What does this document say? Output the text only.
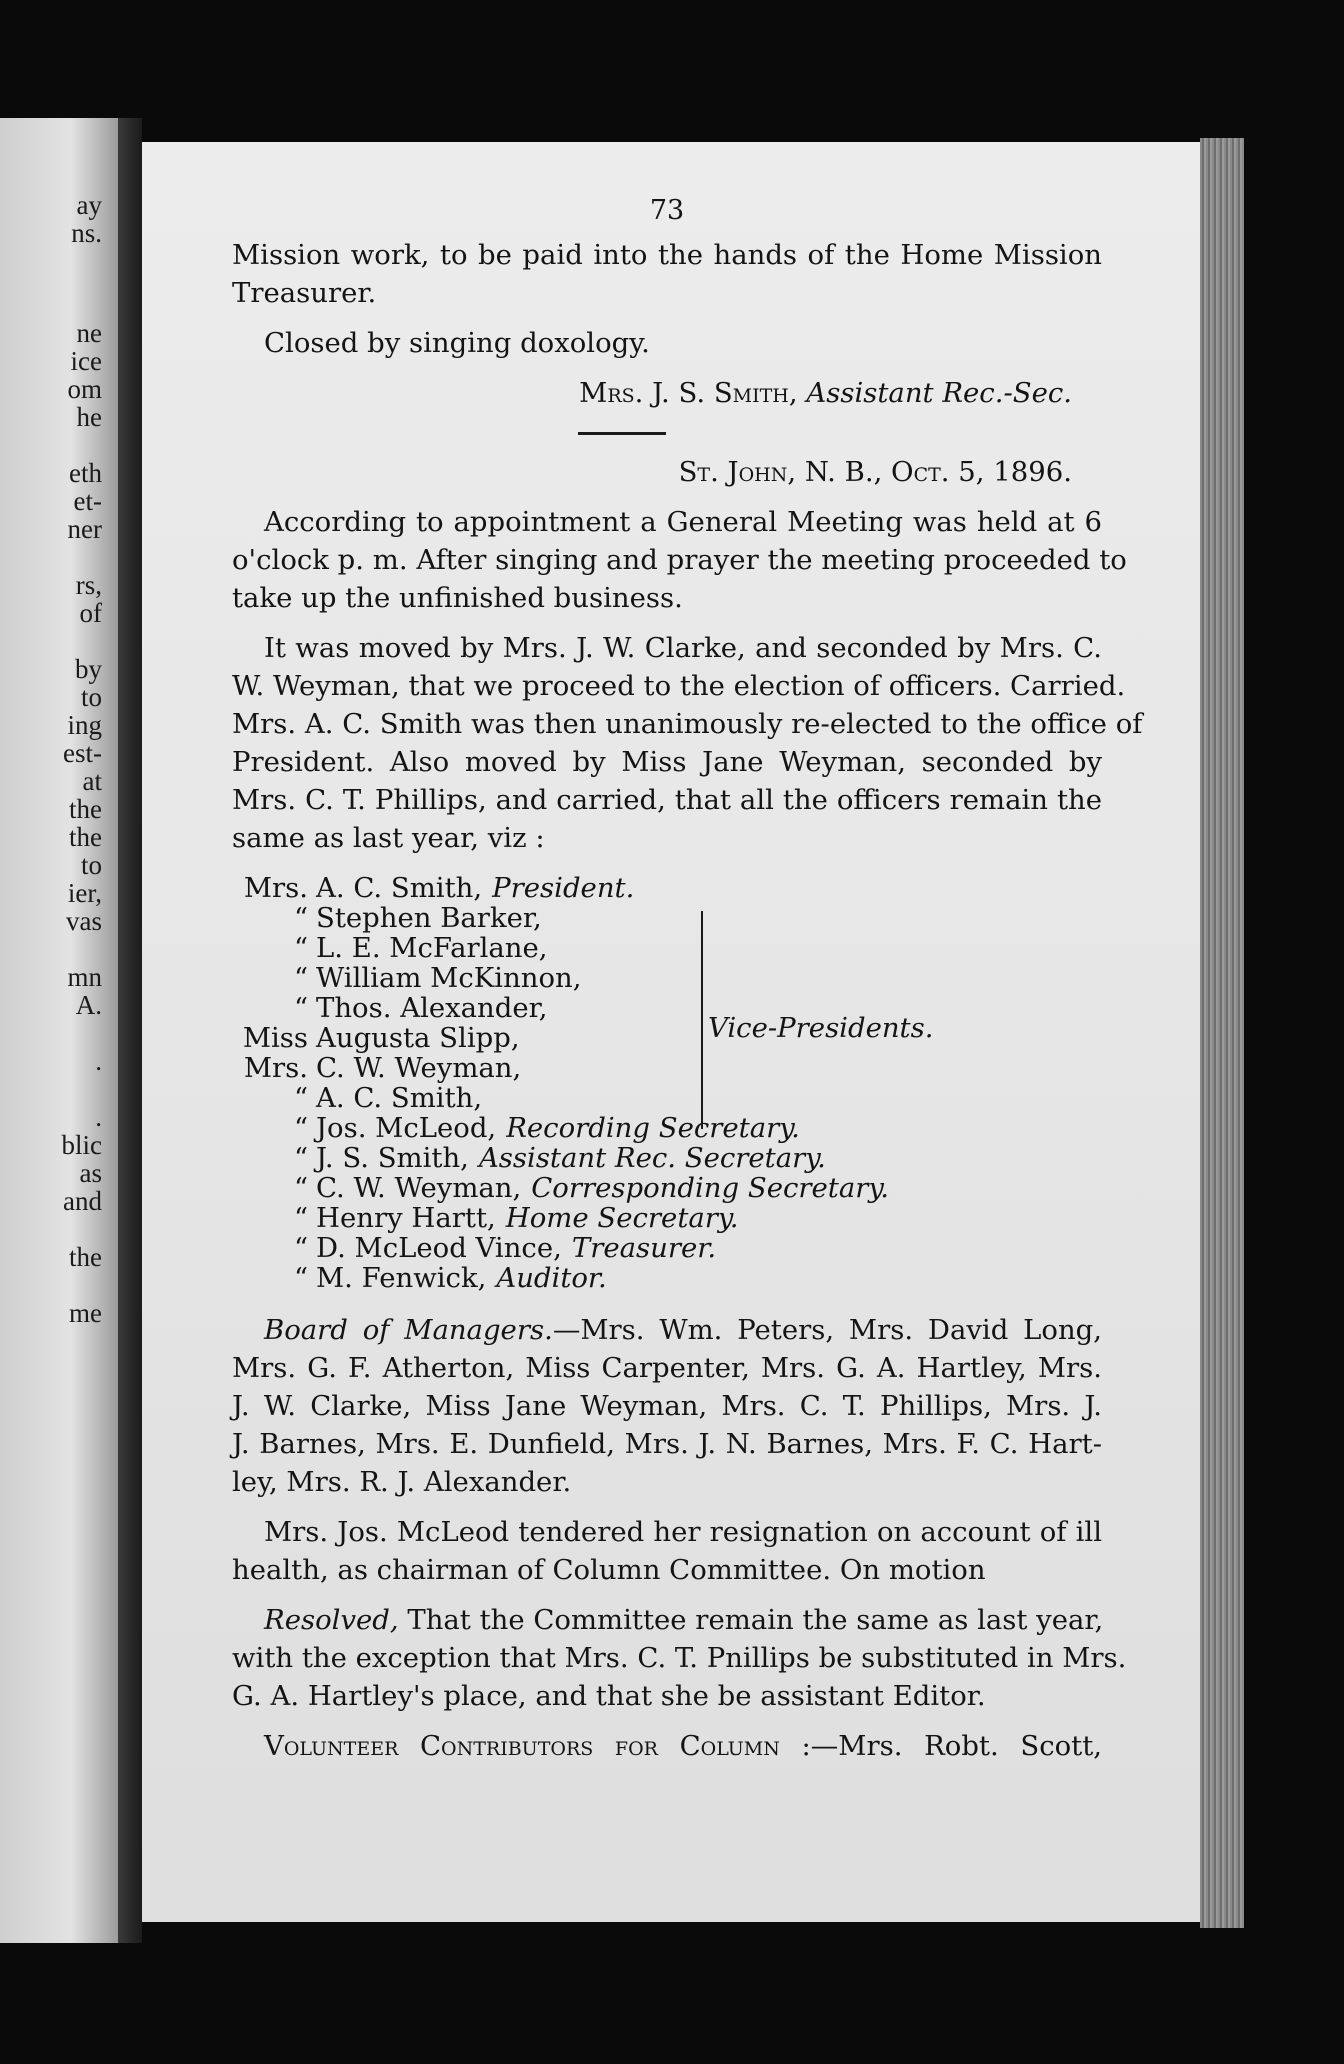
ay
ns.
ne
ice
om
he
eth
et-
ner
rs,
of
by
to
ing
est-
at
the
the
to
ier,
vas
mn
A.
.
.
blic
as
and
the
me
73
Mission work, to be paid into the hands of the Home Mission
Treasurer.
Closed by singing doxology.
Mrs. J. S. Smith, Assistant Rec.-Sec.
St. John, N. B., Oct. 5, 1896.
According to appointment a General Meeting was held at 6
o'clock p. m. After singing and prayer the meeting proceeded to
take up the unfinished business.
It was moved by Mrs. J. W. Clarke, and seconded by Mrs. C.
W. Weyman, that we proceed to the election of officers. Carried.
Mrs. A. C. Smith was then unanimously re-elected to the office of
President. Also moved by Miss Jane Weyman, seconded by
Mrs. C. T. Phillips, and carried, that all the officers remain the
same as last year, viz :
Mrs. A. C. Smith, President.
“ Stephen Barker,
“ L. E. McFarlane,
“ William McKinnon,
“ Thos. Alexander,
Miss Augusta Slipp,
Mrs. C. W. Weyman,
“ A. C. Smith,
“ Jos. McLeod, Recording Secretary.
“ J. S. Smith, Assistant Rec. Secretary.
“ C. W. Weyman, Corresponding Secretary.
“ Henry Hartt, Home Secretary.
“ D. McLeod Vince, Treasurer.
“ M. Fenwick, Auditor.
Vice-Presidents.
Board of Managers.—Mrs. Wm. Peters, Mrs. David Long,
Mrs. G. F. Atherton, Miss Carpenter, Mrs. G. A. Hartley, Mrs.
J. W. Clarke, Miss Jane Weyman, Mrs. C. T. Phillips, Mrs. J.
J. Barnes, Mrs. E. Dunfield, Mrs. J. N. Barnes, Mrs. F. C. Hart-
ley, Mrs. R. J. Alexander.
Mrs. Jos. McLeod tendered her resignation on account of ill
health, as chairman of Column Committee. On motion
Resolved, That the Committee remain the same as last year,
with the exception that Mrs. C. T. Pnillips be substituted in Mrs.
G. A. Hartley's place, and that she be assistant Editor.
Volunteer Contributors for Column :—Mrs. Robt. Scott,
